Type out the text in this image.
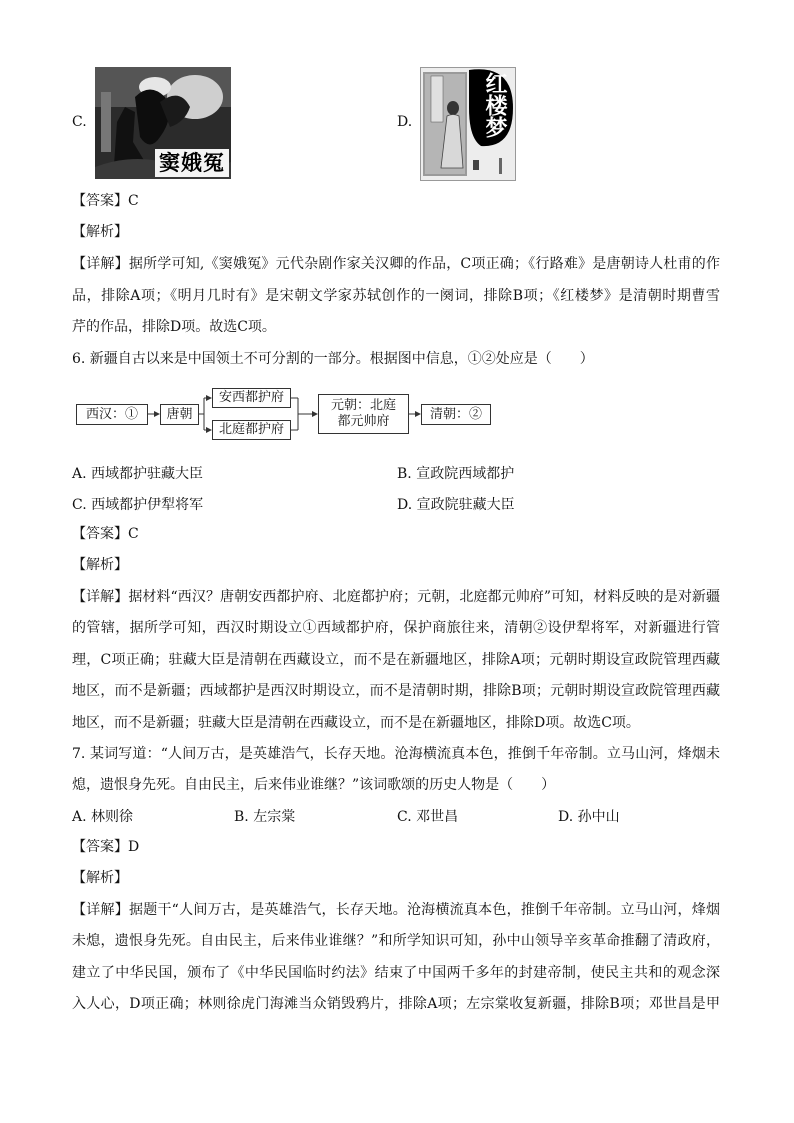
C.
窦娥冤
D.	红楼梦
【答案】C
【解析】
【详解】据所学可知,《窦娥冤》元代杂剧作家关汉卿的作品，C项正确；《行路难》是唐朝诗人杜甫的作
品，排除A项；《明月几时有》是宋朝文学家苏轼创作的一阕词，排除B项；《红楼梦》是清朝时期曹雪
芹的作品，排除D项。故选C项。
6. 新疆自古以来是中国领土不可分割的一部分。根据图中信息，①②处应是（　　）
西汉：①	唐朝
安西都护府
北庭都护府
元朝：北庭
都元帅府	清朝：②
A. 西域都护驻藏大臣	B. 宣政院西域都护
C. 西域都护伊犁将军	D. 宣政院驻藏大臣
【答案】C
【解析】
【详解】据材料“西汉？唐朝安西都护府、北庭都护府；元朝，北庭都元帅府”可知，材料反映的是对新疆
的管辖，据所学可知，西汉时期设立①西域都护府，保护商旅往来，清朝②设伊犁将军，对新疆进行管
理，C项正确；驻藏大臣是清朝在西藏设立，而不是在新疆地区，排除A项；元朝时期设宣政院管理西藏
地区，而不是新疆；西域都护是西汉时期设立，而不是清朝时期，排除B项；元朝时期设宣政院管理西藏
地区，而不是新疆；驻藏大臣是清朝在西藏设立，而不是在新疆地区，排除D项。故选C项。
7. 某词写道：“人间万古，是英雄浩气，长存天地。沧海横流真本色，推倒千年帝制。立马山河，烽烟未
熄，遗恨身先死。自由民主，后来伟业谁继？”该词歌颂的历史人物是（　　）
A. 林则徐	B. 左宗棠	C. 邓世昌	D. 孙中山
【答案】D
【解析】
【详解】据题干“人间万古，是英雄浩气，长存天地。沧海横流真本色，推倒千年帝制。立马山河，烽烟
未熄，遗恨身先死。自由民主，后来伟业谁继？”和所学知识可知，孙中山领导辛亥革命推翻了清政府，
建立了中华民国，颁布了《中华民国临时约法》结束了中国两千多年的封建帝制，使民主共和的观念深
入人心，D项正确；林则徐虎门海滩当众销毁鸦片，排除A项；左宗棠收复新疆，排除B项；邓世昌是甲
